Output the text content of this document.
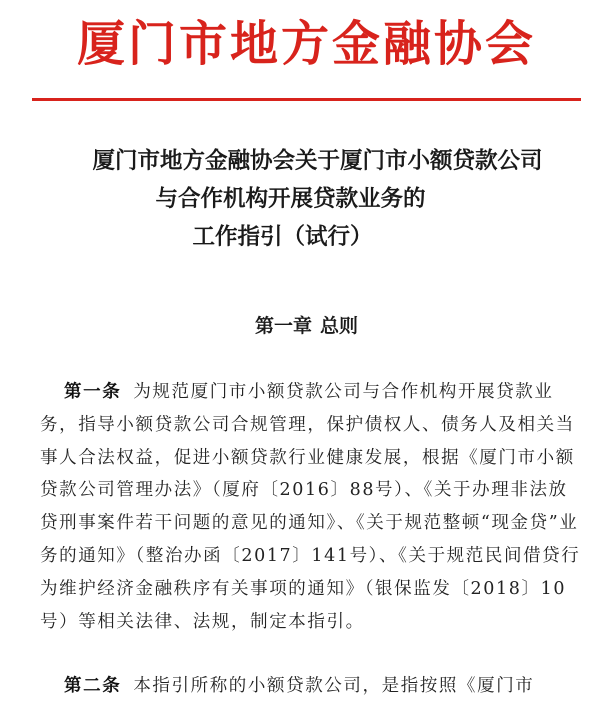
厦门市地方金融协会
厦门市地方金融协会关于厦门市小额贷款公司
与合作机构开展贷款业务的
工作指引（试行）
第一章 总则
第一条 为规范厦门市小额贷款公司与合作机构开展贷款业务，指导小额贷款公司合规管理，保护债权人、债务人及相关当事人合法权益，促进小额贷款行业健康发展，根据《厦门市小额贷款公司管理办法》（厦府〔2016〕88号）、《关于办理非法放贷刑事案件若干问题的意见的通知》、《关于规范整顿“现金贷”业务的通知》（整治办函〔2017〕141号）、《关于规范民间借贷行为维护经济金融秩序有关事项的通知》（银保监发〔2018〕10号）等相关法律、法规，制定本指引。
第二条 本指引所称的小额贷款公司，是指按照《厦门市
